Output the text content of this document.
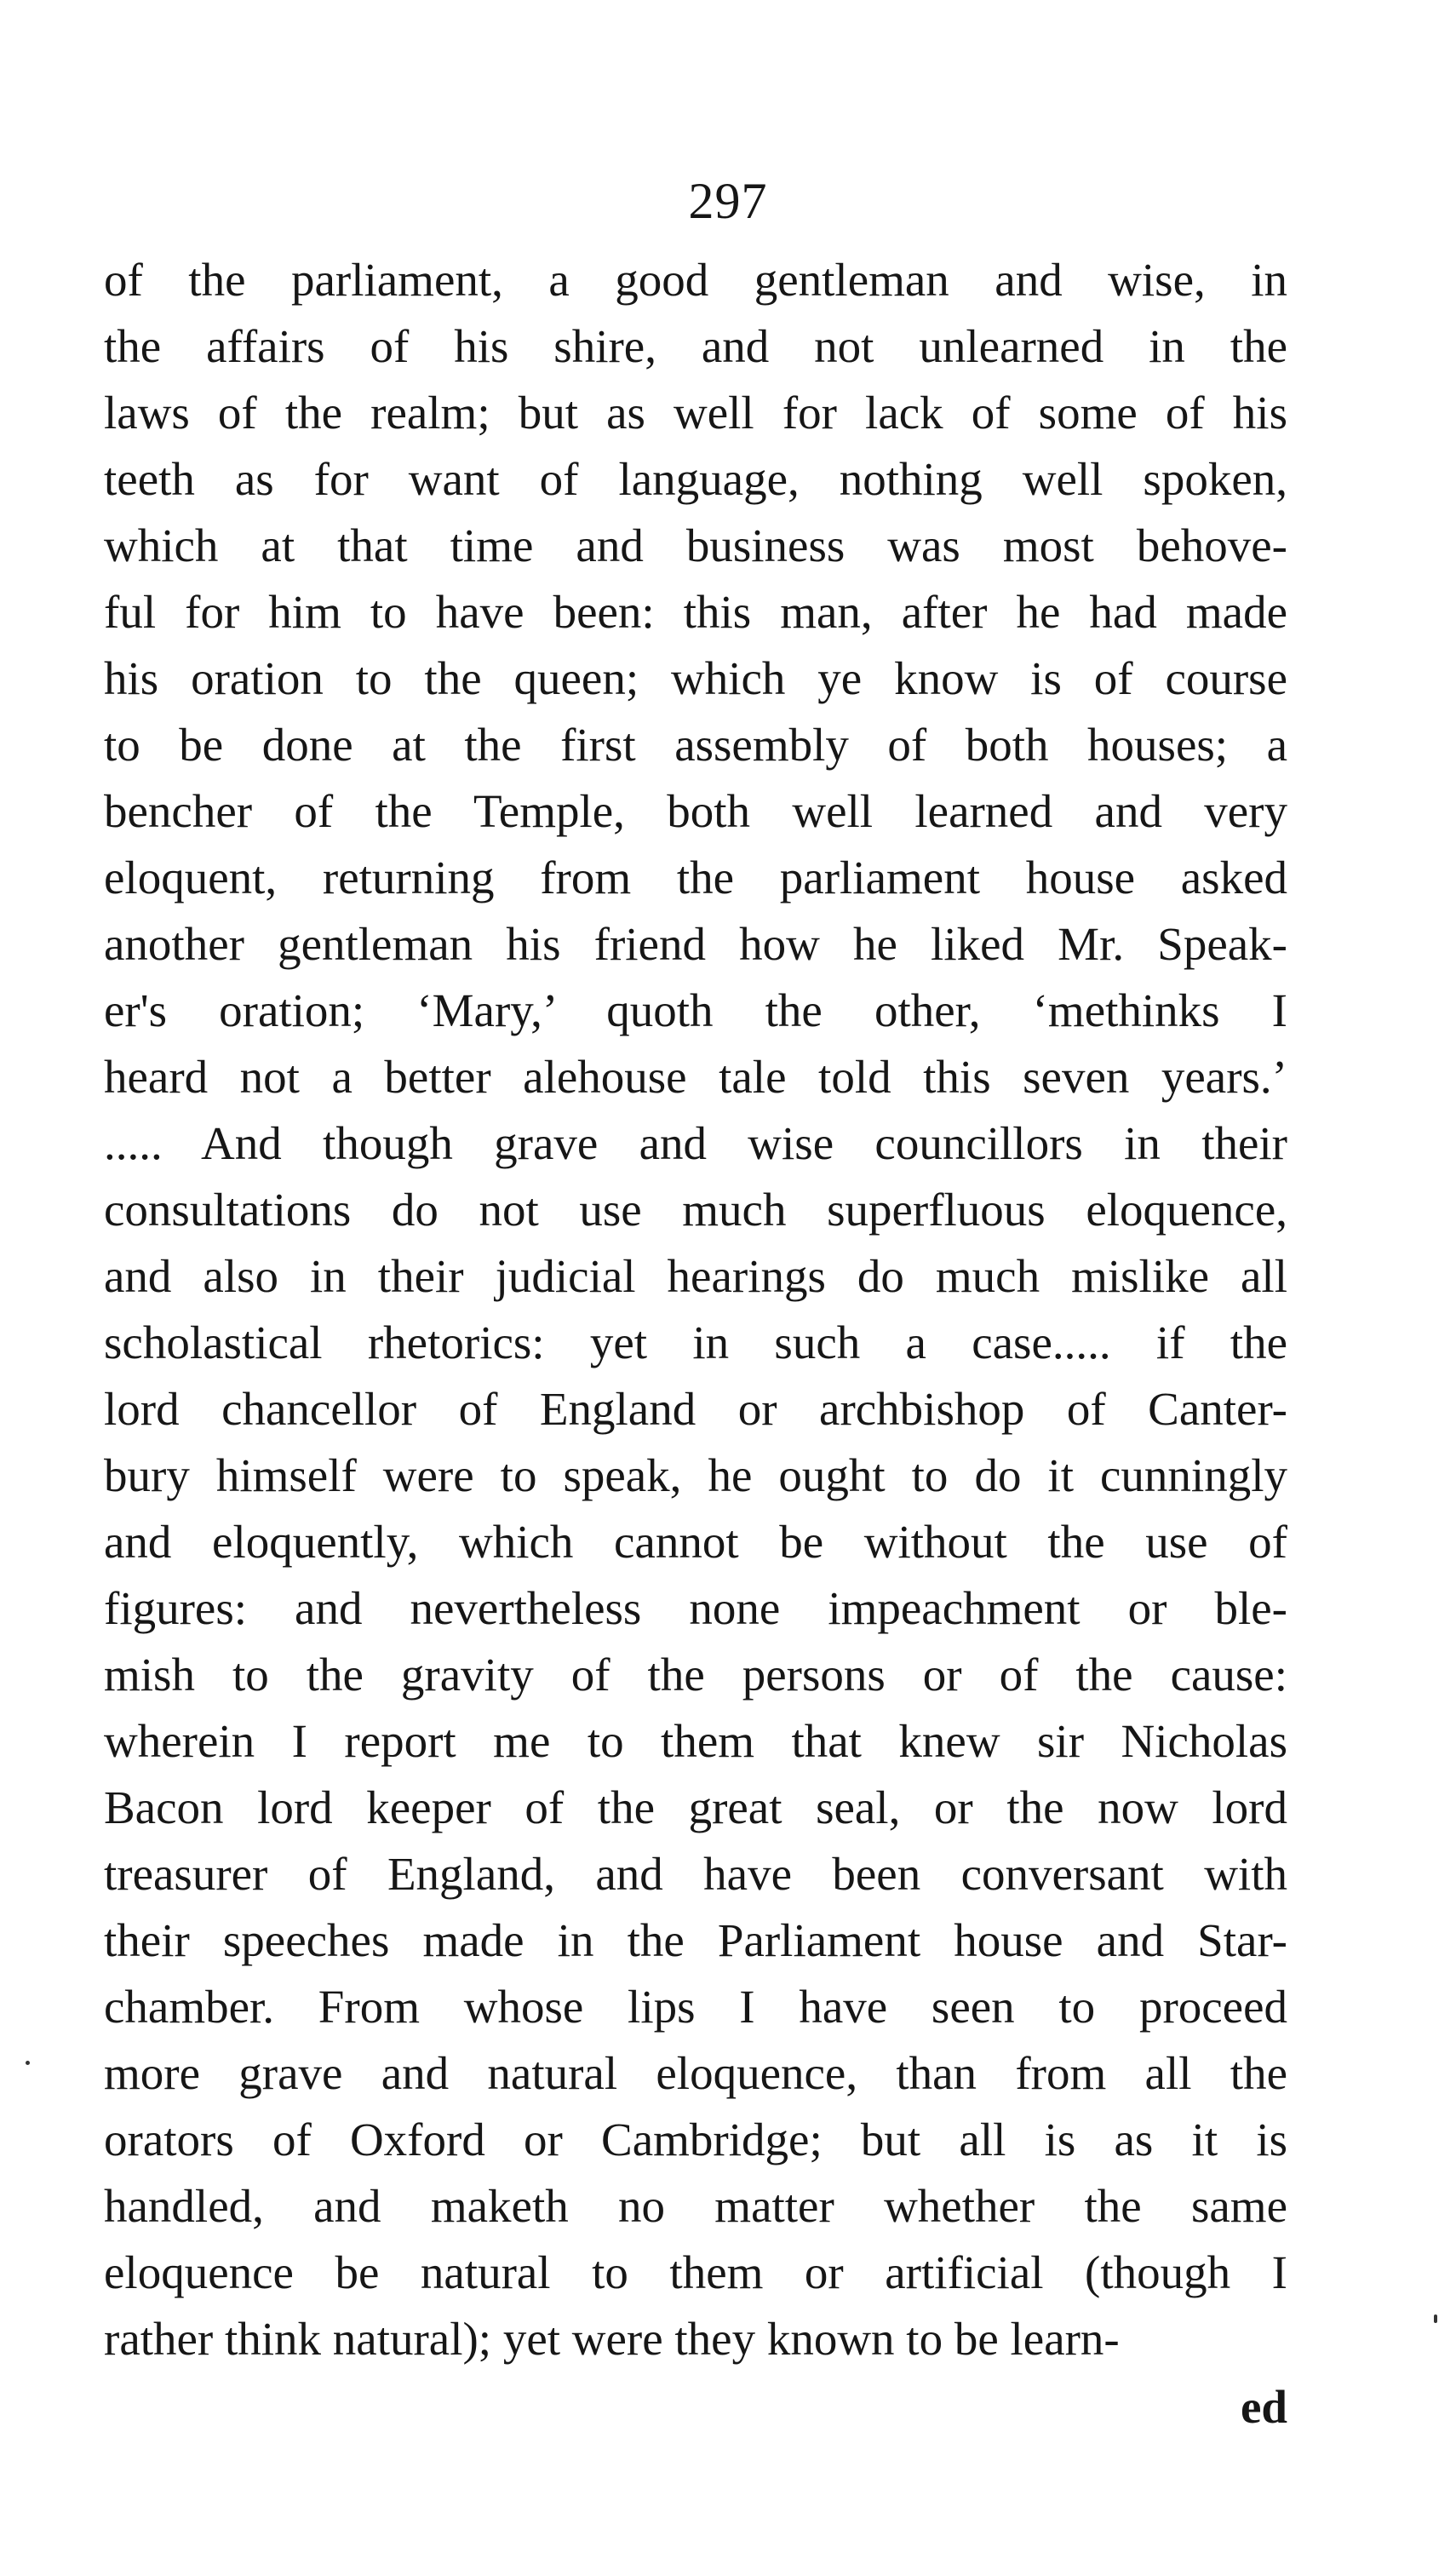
297
of the parliament, a good gentleman and wise, in
the affairs of his shire, and not unlearned in the
laws of the realm; but as well for lack of some of his
teeth as for want of language, nothing well spoken,
which at that time and business was most behove-
ful for him to have been: this man, after he had made
his oration to the queen; which ye know is of course
to be done at the first assembly of both houses; a
bencher of the Temple, both well learned and very
eloquent, returning from the parliament house asked
another gentleman his friend how he liked Mr. Speak-
er's oration; ‘Mary,’ quoth the other, ‘methinks I
heard not a better alehouse tale told this seven years.’
..... And though grave and wise councillors in their
consultations do not use much superfluous eloquence,
and also in their judicial hearings do much mislike all
scholastical rhetorics: yet in such a case..... if the
lord chancellor of England or archbishop of Canter-
bury himself were to speak, he ought to do it cunningly
and eloquently, which cannot be without the use of
figures: and nevertheless none impeachment or ble-
mish to the gravity of the persons or of the cause:
wherein I report me to them that knew sir Nicholas
Bacon lord keeper of the great seal, or the now lord
treasurer of England, and have been conversant with
their speeches made in the Parliament house and Star-
chamber. From whose lips I have seen to proceed
more grave and natural eloquence, than from all the
orators of Oxford or Cambridge; but all is as it is
handled, and maketh no matter whether the same
eloquence be natural to them or artificial (though I
rather think natural); yet were they known to be learn-
ed
